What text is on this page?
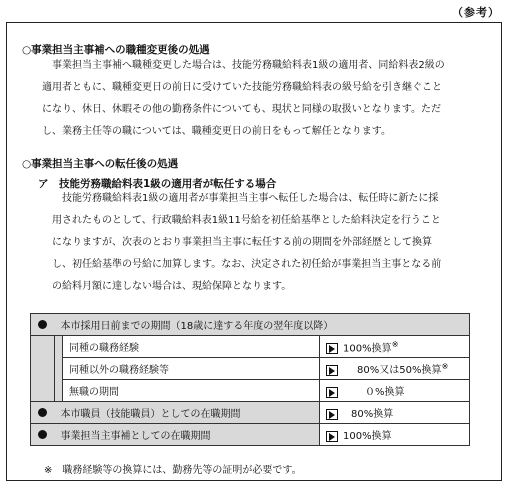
（参考）
○事業担当主事補への職種変更後の処遇
事業担当主事補へ職種変更した場合は、技能労務職給料表1級の適用者、同給料表2級の
適用者ともに、職種変更日の前日に受けていた技能労務職給料表の級号給を引き継ぐこと
になり、休日、休暇その他の勤務条件についても、現状と同様の取扱いとなります。ただ
し、業務主任等の職については、職種変更日の前日をもって解任となります。
○事業担当主事への転任後の処遇
ア　技能労務職給料表1級の適用者が転任する場合
技能労務職給料表1級の適用者が事業担当主事へ転任した場合は、転任時に新たに採
用されたものとして、行政職給料表1級11号給を初任給基準とした給料決定を行うこと
になりますが、次表のとおり事業担当主事に転任する前の期間を外部経歴として換算
し、初任給基準の号給に加算します。なお、決定された初任給が事業担当主事となる前
の給料月額に達しない場合は、現給保障となります。
	本市採用日前までの期間（18歳に達する年度の翌年度以降）		
		同種の職務経験	100%換算※
		同種以外の職務経験等	80%又は50%換算※
		無職の期間	０%換算
	本市職員（技能職員）としての在職期間		80%換算
	事業担当主事補としての在職期間		100%換算
※　職務経験等の換算には、勤務先等の証明が必要です。
